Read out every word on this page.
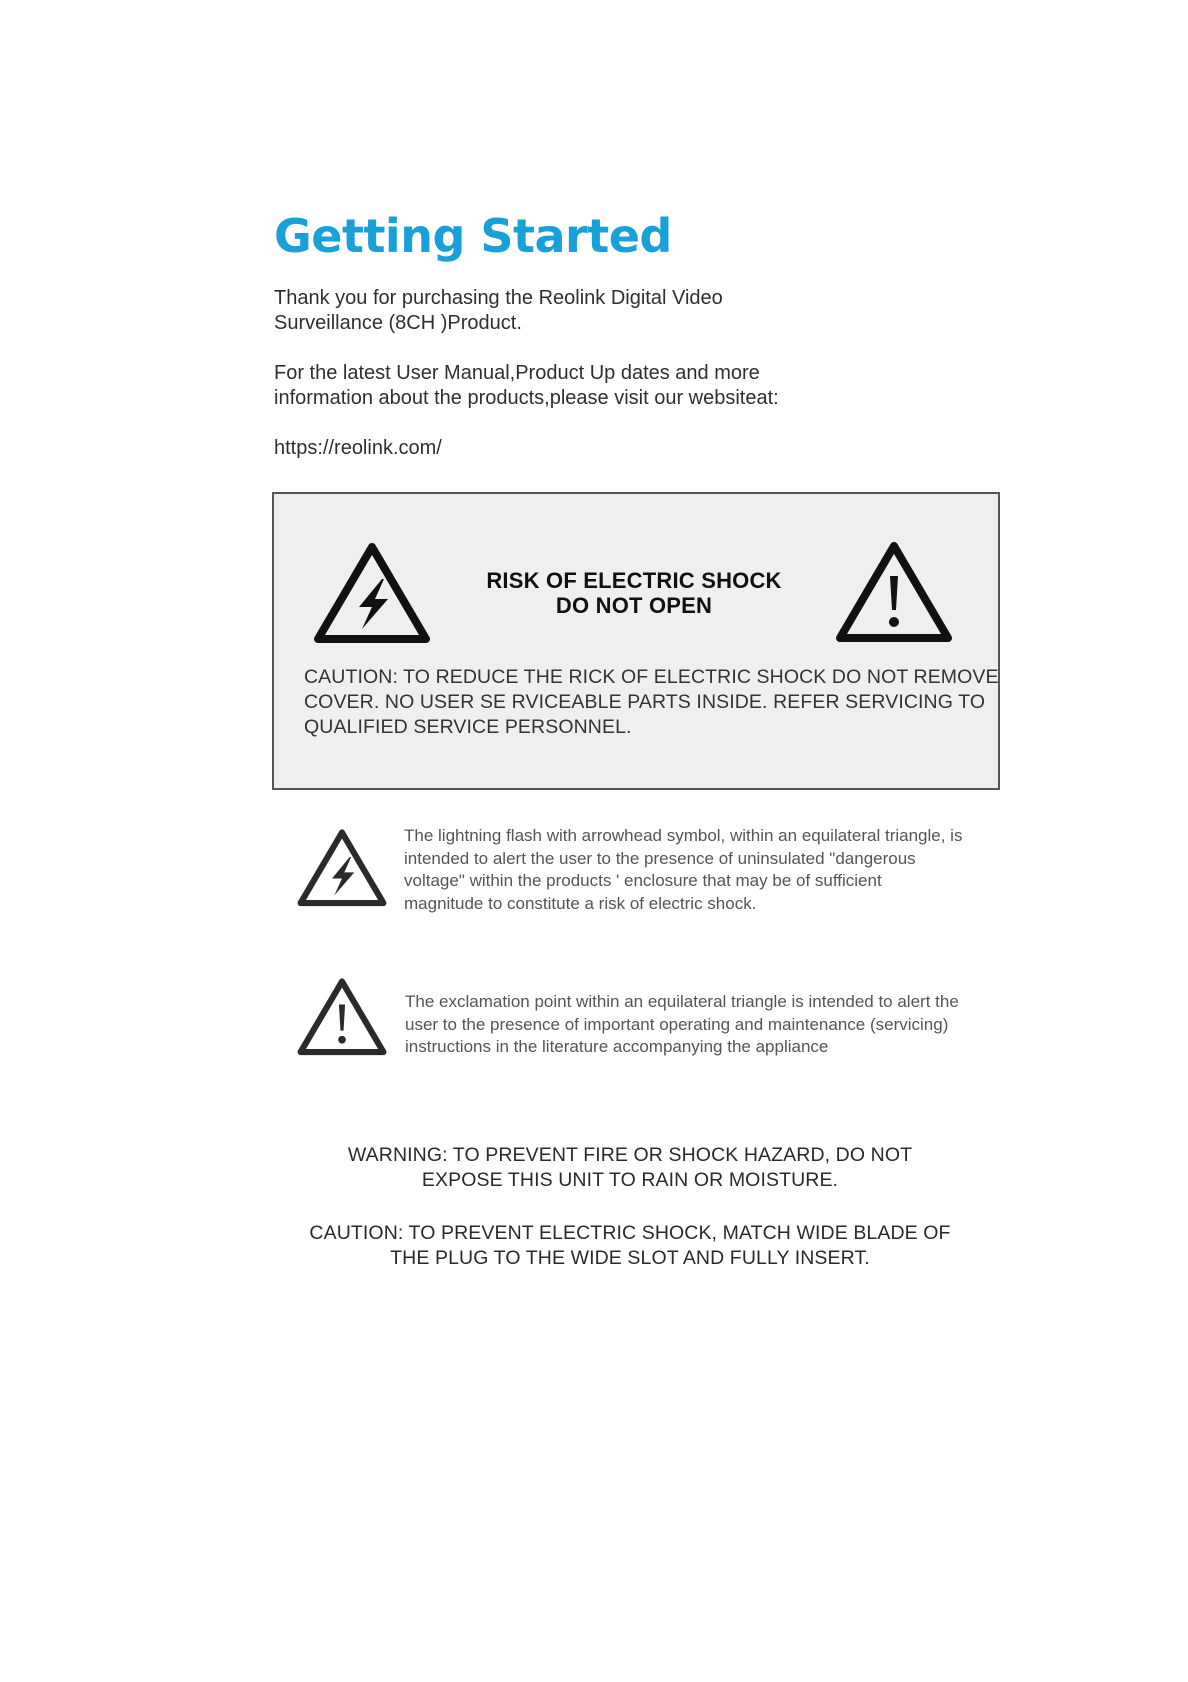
Getting Started

Thank you for purchasing the Reolink Digital Video
Surveillance (8CH )Product.

For the latest User Manual,Product Up dates and more
information about the products,please visit our websiteat:

https://reolink.com/

RISK OF ELECTRIC SHOCK
DO NOT OPEN
CAUTION: TO REDUCE THE RICK OF ELECTRIC SHOCK DO NOT REMOVE
COVER. NO USER SE RVICEABLE PARTS INSIDE. REFER SERVICING TO
QUALIFIED SERVICE PERSONNEL.
The lightning flash with arrowhead symbol, within an equilateral triangle, is
intended to alert the user to the presence of uninsulated "dangerous
voltage" within the products ' enclosure that may be of sufficient
magnitude to constitute a risk of electric shock.
The exclamation point within an equilateral triangle is intended to alert the
user to the presence of important operating and maintenance (servicing)
instructions in the literature accompanying the appliance
WARNING: TO PREVENT FIRE OR SHOCK HAZARD, DO NOT
EXPOSE THIS UNIT TO RAIN OR MOISTURE.
CAUTION: TO PREVENT ELECTRIC SHOCK, MATCH WIDE BLADE OF
THE PLUG TO THE WIDE SLOT AND FULLY INSERT.
